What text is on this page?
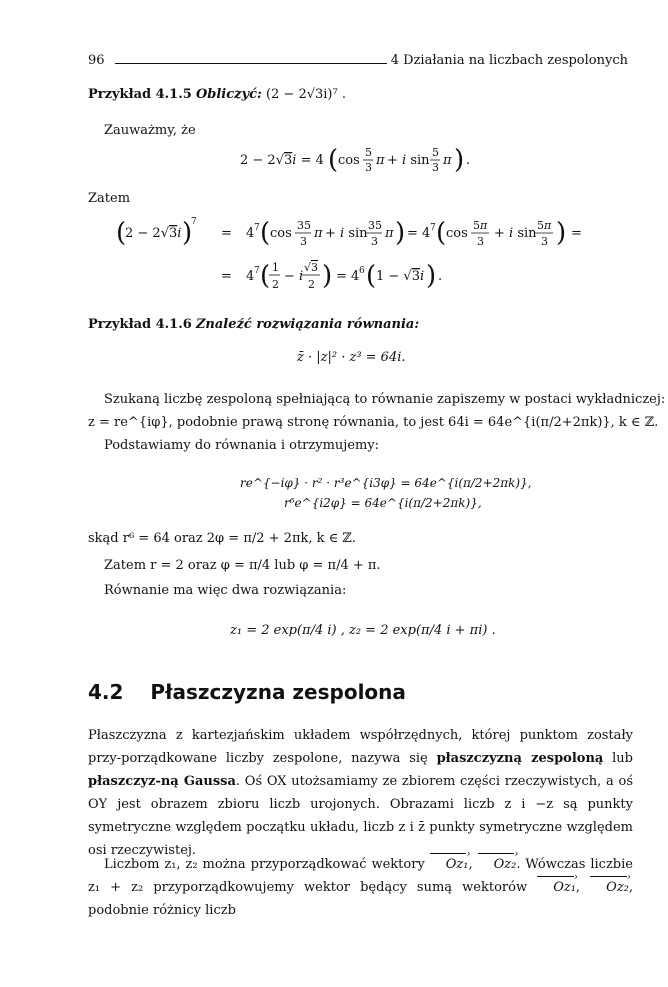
96	4 Działania na liczbach zespolonych
Przykład 4.1.5 Obliczyć: (2 − 2√3i)⁷ .
Zauważmy, że
2 − 2√3i = 4 ( cos
5
3 π + i sin
5
3 π ) .
Zatem
(
2 − 2√3i )
7
= 4 7 ( cos
35
3
π + i sin
35
3
π ) = 4 7 ( cos
5π
3
+ i sin
5π
3 ) =
= 4 7 ( 1
2
− i
√3
2 ) = 4 6 ( 1 − √3i ) .
Przykład 4.1.6 Znaleźć rozwiązania równania:
z̄ · |z|² · z³ = 64i.
Szukaną liczbę zespoloną spełniającą to równanie zapiszemy w postaci wykładniczej:
z = re^{iφ}, podobnie prawą stronę równania, to jest 64i = 64e^{i(π/2+2πk)}, k ∈ ℤ.
Podstawiamy do równania i otrzymujemy:
re^{−iφ} · r² · r³e^{i3φ} = 64e^{i(π/2+2πk)},
r⁶e^{i2φ} = 64e^{i(π/2+2πk)},
skąd r⁶ = 64 oraz 2φ = π/2 + 2πk, k ∈ ℤ.
Zatem r = 2 oraz φ = π/4 lub φ = π/4 + π.
Równanie ma więc dwa rozwiązania:
z₁ = 2 exp(π/4 i) , z₂ = 2 exp(π/4 i + πi) .
4.2 Płaszczyzna zespolona
Płaszczyzna z kartezjańskim układem współrzędnych, której punktom zostały przy-porządkowane liczby zespolone, nazywa się płaszczyzną zespoloną lub płaszczyz-ną Gaussa. Oś OX utożsamiamy ze zbiorem części rzeczywistych, a oś OY jest obrazem zbioru liczb urojonych. Obrazami liczb z i −z są punkty symetryczne względem początku układu, liczb z i z̄ punkty symetryczne względem osi rzeczywistej.
Liczbom z₁, z₂ można przyporządkować wektory Oz₁ ›, Oz₂ ›. Wówczas liczbie z₁ + z₂ przyporządkowujemy wektor będący sumą wektorów Oz₁ ›, Oz₂ ›, podobnie różnicy liczb
